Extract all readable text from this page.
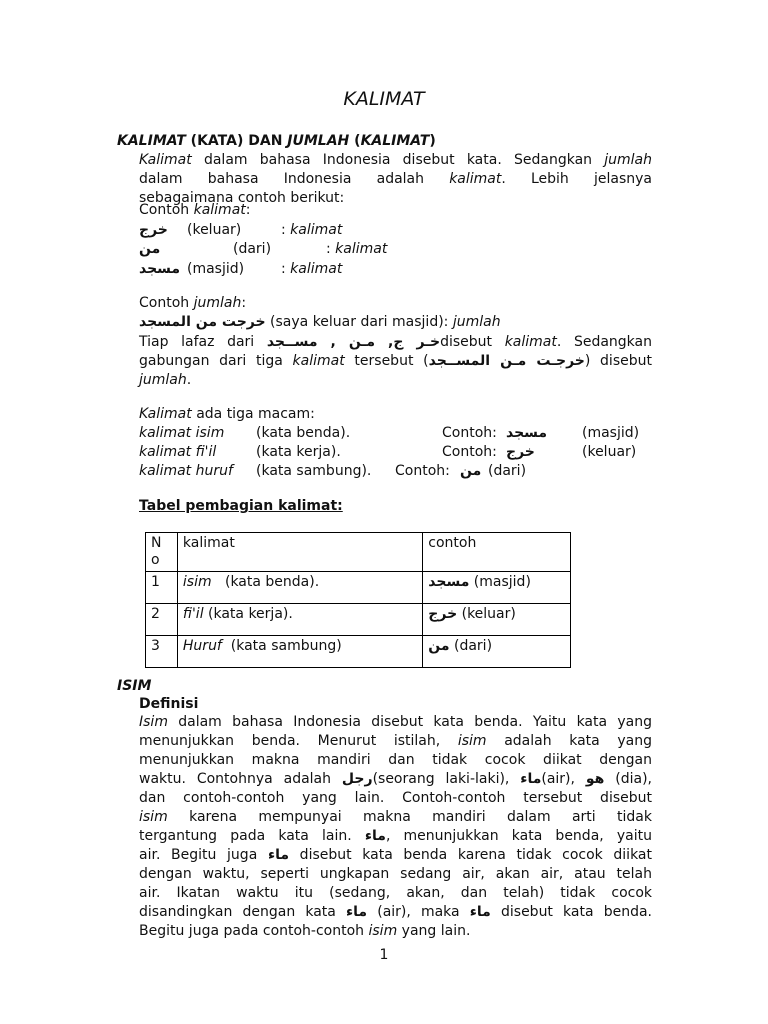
KALIMAT
KALIMAT (KATA) DAN JUMLAH (KALIMAT)
Kalimat dalam bahasa Indonesia disebut kata. Sedangkan jumlah
dalam bahasa Indonesia adalah kalimat. Lebih jelasnya
sebagaimana contoh berikut:
Contoh kalimat:
خرج (keluar)	: kalimat
من	(dari)	: kalimat
مسجد (masjid)	: kalimat
Contoh jumlah:
خرجت من المسجد (saya keluar dari masjid): jumlah
Tiap lafaz dari خـر ج, مـن , مســجدdisebut kalimat. Sedangkan
gabungan dari tiga kalimat tersebut (خرجـت مـن المســجد) disebut
jumlah.
Kalimat ada tiga macam:
kalimat isim (kata benda).	Contoh: مسجد (masjid)
kalimat fi'il	(kata kerja).	Contoh: خرج	(keluar)
kalimat huruf (kata sambung). Contoh: من (dari)
Tabel pembagian kalimat:
N
o	kalimat	contoh
1	isim   (kata benda).	مسجد (masjid)
2	fi'il (kata kerja).	خرج (keluar)
3	Huruf  (kata sambung)	من (dari)
ISIM
Definisi
Isim dalam bahasa Indonesia disebut kata benda. Yaitu kata yang
menunjukkan benda. Menurut istilah, isim adalah kata yang
menunjukkan makna mandiri dan tidak cocok diikat dengan
waktu. Contohnya adalah رجل(seorang laki-laki), ماء(air), هو (dia),
dan contoh-contoh yang lain. Contoh-contoh tersebut disebut
isim karena mempunyai makna mandiri dalam arti tidak
tergantung pada kata lain. ماء, menunjukkan kata benda, yaitu
air. Begitu juga ماء disebut kata benda karena tidak cocok diikat
dengan waktu, seperti ungkapan sedang air, akan air, atau telah
air. Ikatan waktu itu (sedang, akan, dan telah) tidak cocok
disandingkan dengan kata ماء (air), maka ماء disebut kata benda.
Begitu juga pada contoh-contoh isim yang lain.
1
